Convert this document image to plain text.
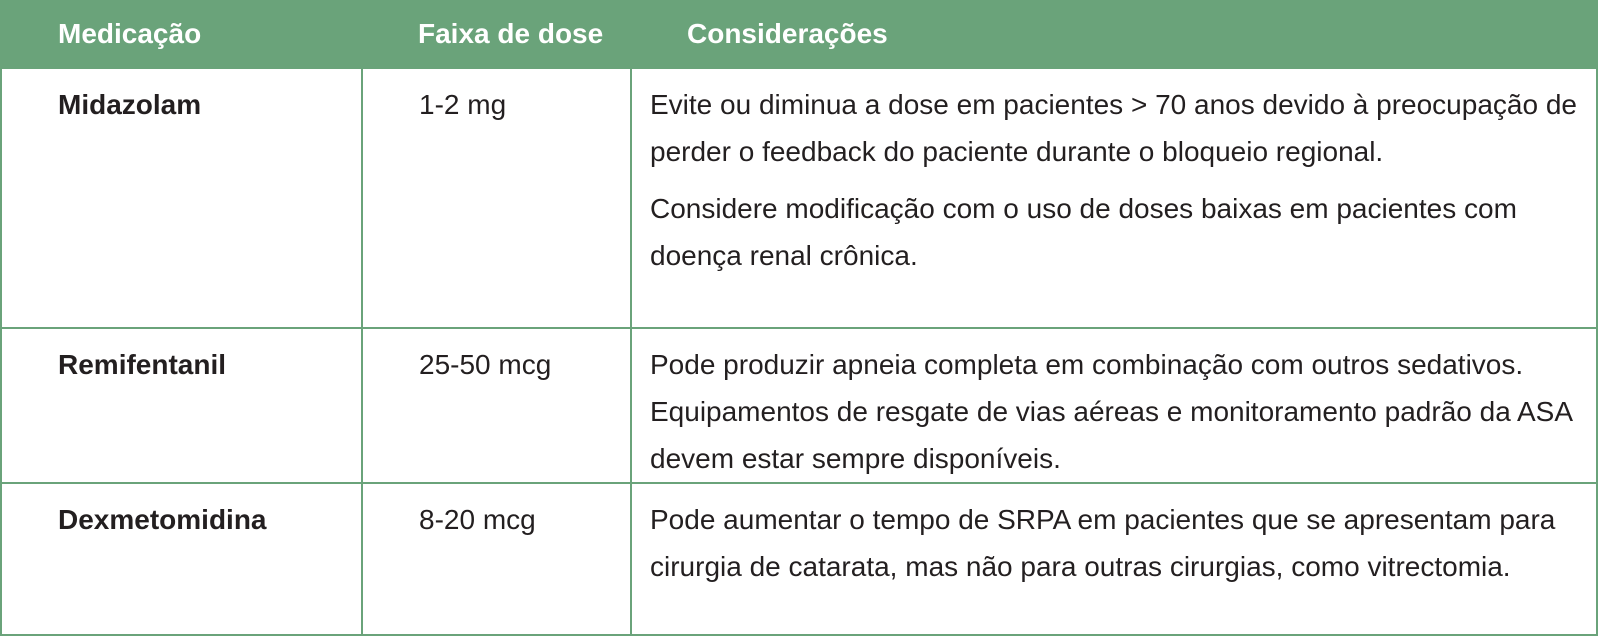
Medicação	Faixa de dose	Considerações
Midazolam	1-2 mg	Evite ou diminua a dose em pacientes > 70 anos devido à preocupação de perder o feedback do paciente durante o bloqueio regional.

Considere modificação com o uso de doses baixas em pacientes com doença renal crônica.

Remifentanil	25-50 mcg	Pode produzir apneia completa em combinação com outros sedativos. Equipamentos de resgate de vias aéreas e monitoramento padrão da ASA devem estar sempre disponíveis.

Dexmetomidina	8-20 mcg	Pode aumentar o tempo de SRPA em pacientes que se apresentam para cirurgia de catarata, mas não para outras cirurgias, como vitrectomia.
